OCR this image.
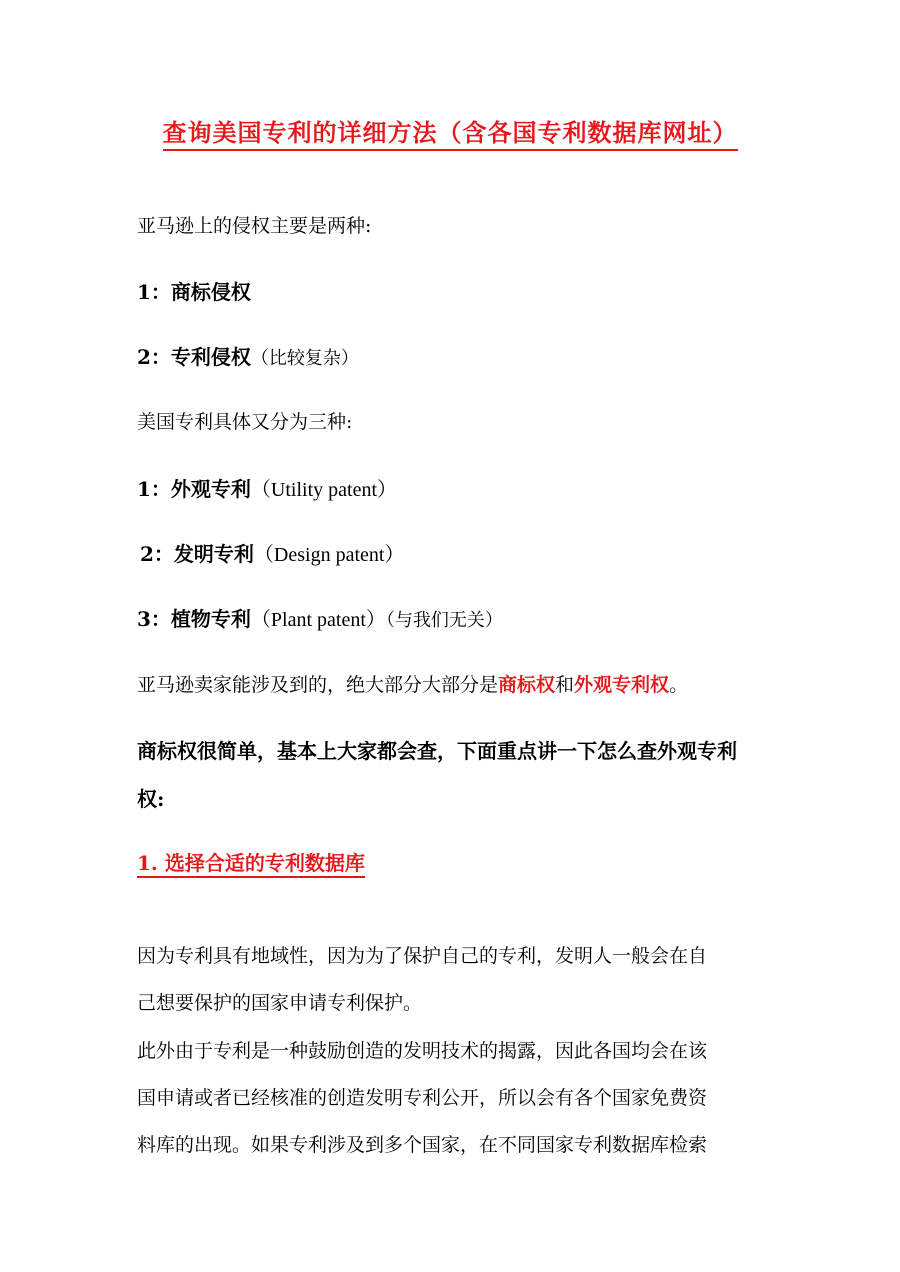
查询美国专利的详细方法（含各国专利数据库网址）
亚马逊上的侵权主要是两种:
1：商标侵权
2：专利侵权（比较复杂）
美国专利具体又分为三种:
1：外观专利（Utility patent）
2：发明专利（Design patent）
3：植物专利（Plant patent）（与我们无关）
亚马逊卖家能涉及到的，绝大部分大部分是商标权和外观专利权。
商标权很简单，基本上大家都会查，下面重点讲一下怎么查外观专利
权:
1. 选择合适的专利数据库
因为专利具有地域性，因为为了保护自己的专利，发明人一般会在自
己想要保护的国家申请专利保护。
此外由于专利是一种鼓励创造的发明技术的揭露，因此各国均会在该
国申请或者已经核准的创造发明专利公开，所以会有各个国家免费资
料库的出现。如果专利涉及到多个国家，在不同国家专利数据库检索
